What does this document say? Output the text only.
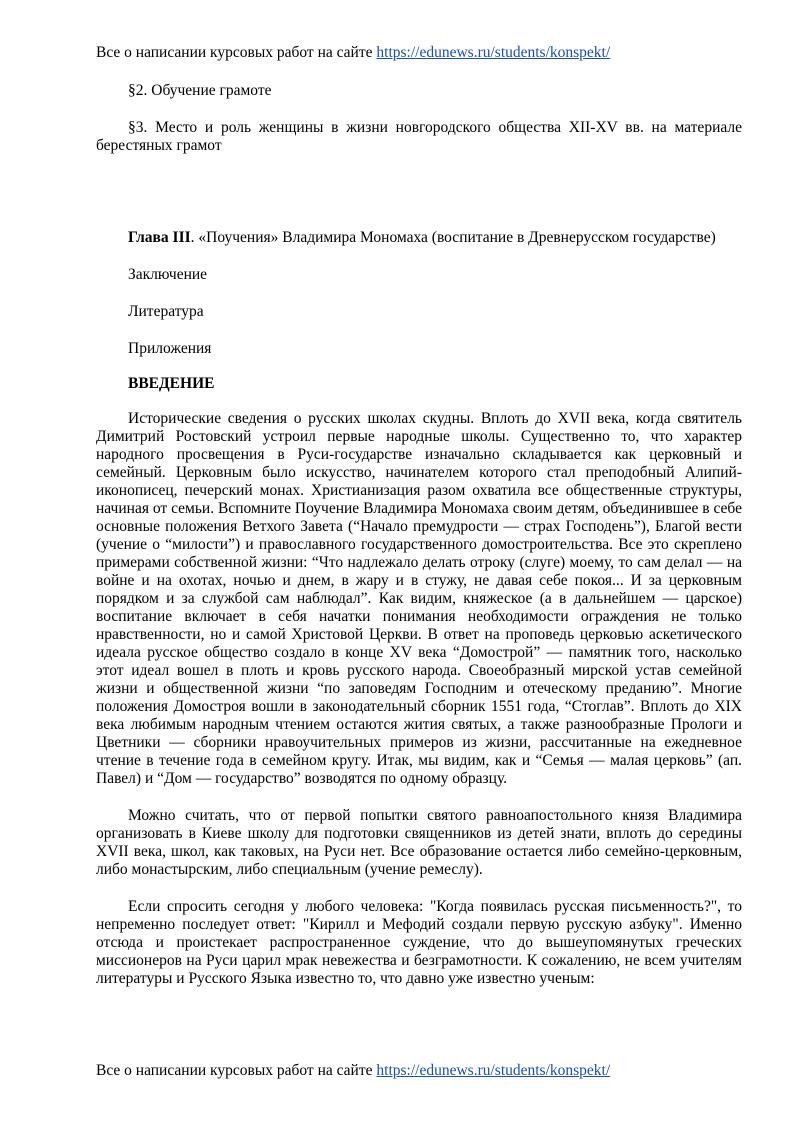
Все о написании курсовых работ на сайте https://edunews.ru/students/konspekt/

§2. Обучение грамоте

§3. Место и роль женщины в жизни новгородского общества XII-XV вв. на материале берестяных грамот

Глава III. «Поучения» Владимира Мономаха (воспитание в Древнерусском государстве)

Заключение

Литература

Приложения

ВВЕДЕНИЕ

Исторические сведения о русских школах скудны. Вплоть до XVII века, когда святитель Димитрий Ростовский устроил первые народные школы. Существенно то, что характер народного просвещения в Руси-государстве изначально складывается как церковный и семейный. Церковным было искусство, начинателем которого стал преподобный Алипий-иконописец, печерский монах. Христианизация разом охватила все общественные структуры, начиная от семьи. Вспомните Поучение Владимира Мономаха своим детям, объединившее в себе основные положения Ветхого Завета (“Начало премудрости — страх Господень”), Благой вести (учение о “милости”) и православного государственного домостроительства. Все это скреплено примерами собственной жизни: “Что надлежало делать отроку (слуге) моему, то сам делал — на войне и на охотах, ночью и днем, в жару и в стужу, не давая себе покоя... И за церковным порядком и за службой сам наблюдал”. Как видим, княжеское (а в дальнейшем — царское) воспитание включает в себя начатки понимания необходимости ограждения не только нравственности, но и самой Христовой Церкви. В ответ на проповедь церковью аскетического идеала русское общество создало в конце XV века “Домострой” — памятник того, насколько этот идеал вошел в плоть и кровь русского народа. Своеобразный мирской устав семейной жизни и общественной жизни “по заповедям Господним и отеческому преданию”. Многие положения Домостроя вошли в законодательный сборник 1551 года, “Стоглав”. Вплоть до XIX века любимым народным чтением остаются жития святых, а также разнообразные Прологи и Цветники — сборники нравоучительных примеров из жизни, рассчитанные на ежедневное чтение в течение года в семейном кругу. Итак, мы видим, как и “Семья — малая церковь” (ап. Павел) и “Дом — государство” возводятся по одному образцу.

Можно считать, что от первой попытки святого равноапостольного князя Владимира организовать в Киеве школу для подготовки священников из детей знати, вплоть до середины XVII века, школ, как таковых, на Руси нет. Все образование остается либо семейно-церковным, либо монастырским, либо специальным (учение ремеслу).

Если спросить сегодня у любого человека: "Когда появилась русская письменность?", то непременно последует ответ: "Кирилл и Мефодий создали первую русскую азбуку". Именно отсюда и проистекает распространенное суждение, что до вышеупомянутых греческих миссионеров на Руси царил мрак невежества и безграмотности. К сожалению, не всем учителям литературы и Русского Языка известно то, что давно уже известно ученым:

Все о написании курсовых работ на сайте https://edunews.ru/students/konspekt/
